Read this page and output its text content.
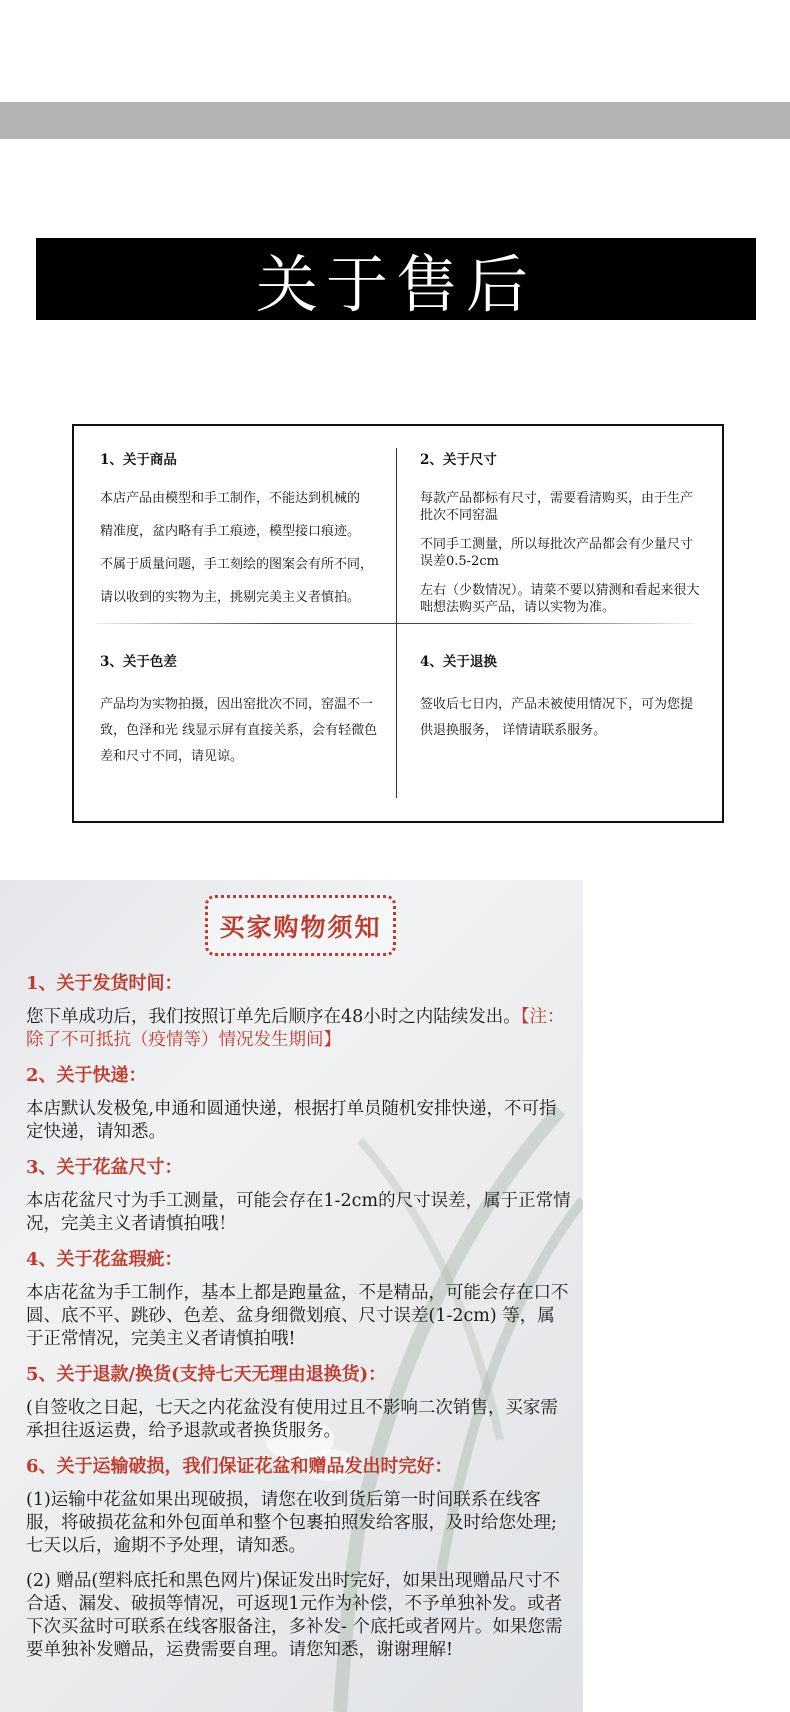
关于售后
1、关于商品

本店产品由模型和手工制作，不能达到机械的

精准度，盆内略有手工痕迹，模型接口痕迹。

不属于质量问题，手工刻绘的图案会有所不同，

请以收到的实物为主，挑剔完美主义者慎拍。

2、关于尺寸

每款产品都标有尺寸，需要看清购买，由于生产批次不同窑温

不同手工测量，所以每批次产品都会有少量尺寸误差0.5-2cm

左右（少数情况）。请菜不要以猜测和看起来很大咄想法购买产品，请以实物为准。

3、关于色差

产品均为实物拍摄，因出窑批次不同，窑温不一致，色泽和光 线显示屏有直接关系，会有轻微色差和尺寸不同，请见谅。

4、关于退换

签收后七日内，产品未被使用情况下，可为您提供退换服务， 详情请联系服务。

买家购物须知

1、关于发货时间：

您下单成功后，我们按照订单先后顺序在48小时之内陆续发出。【注：除了不可抵抗（疫情等）情况发生期间】

2、关于快递：

本店默认发极兔,申通和圆通快递，根据打单员随机安排快递，不可指定快递，请知悉。

3、关于花盆尺寸：

本店花盆尺寸为手工测量，可能会存在1-2cm的尺寸误差，属于正常情况，完美主义者请慎拍哦！

4、关于花盆瑕疵：

本店花盆为手工制作，基本上都是跑量盆，不是精品，可能会存在口不圆、底不平、跳砂、色差、盆身细微划痕、尺寸误差(1-2cm) 等，属于正常情况，完美主义者请慎拍哦!

5、关于退款/换货(支持七天无理由退换货)：

(自签收之日起，七天之内花盆没有使用过且不影响二次销售，买家需承担往返运费，给予退款或者换货服务。

6、关于运输破损，我们保证花盆和赠品发出时完好：

(1)运输中花盆如果出现破损，请您在收到货后第一时间联系在线客服，将破损花盆和外包面单和整个包裹拍照发给客服，及时给您处理;七天以后，逾期不予处理，请知悉。

(2) 赠品(塑料底托和黑色网片)保证发出时完好，如果出现赠品尺寸不合适、漏发、破损等情况，可返现1元作为补偿，不予单独补发。或者下次买盆时可联系在线客服备注，多补发- 个底托或者网片。如果您需要单独补发赠品，运费需要自理。请您知悉，谢谢理解!
